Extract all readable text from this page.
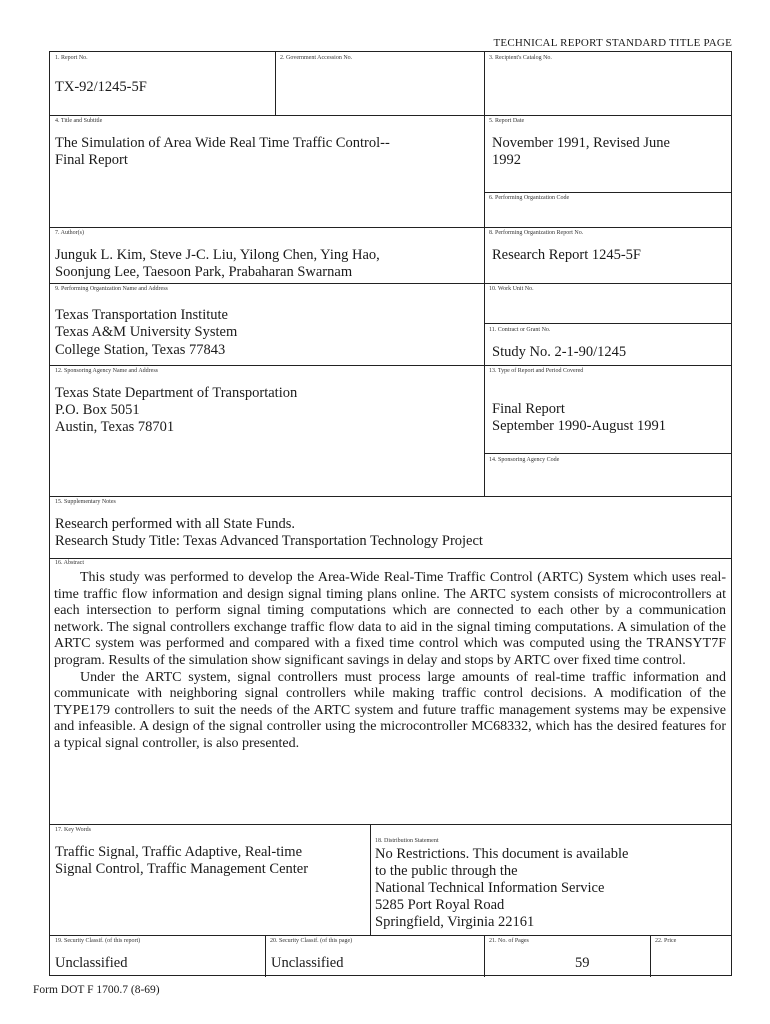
TECHNICAL REPORT STANDARD TITLE PAGE
1. Report No.
TX-92/1245-5F
2. Government Accession No.	3. Recipient's Catalog No.
4. Title and Subtitle
The Simulation of Area Wide Real Time Traffic Control--
Final Report
5. Report Date
November 1991, Revised June
1992
6. Performing Organization Code
7. Author(s)
Junguk L. Kim, Steve J-C. Liu, Yilong Chen, Ying Hao,
Soonjung Lee, Taesoon Park, Prabaharan Swarnam
8. Performing Organization Report No.
Research Report 1245-5F
9. Performing Organization Name and Address
Texas Transportation Institute
Texas A&M University System
College Station, Texas 77843
10. Work Unit No.
11. Contract or Grant No.
Study No. 2-1-90/1245
12. Sponsoring Agency Name and Address
Texas State Department of Transportation
P.O. Box 5051
Austin, Texas 78701
13. Type of Report and Period Covered
Final Report
September 1990-August 1991
14. Sponsoring Agency Code
15. Supplementary Notes
Research performed with all State Funds.
Research Study Title: Texas Advanced Transportation Technology Project
16. Abstract

This study was performed to develop the Area-Wide Real-Time Traffic Control (ARTC) System which uses real-time traffic flow information and design signal timing plans online. The ARTC system consists of microcontrollers at each intersection to perform signal timing computations which are connected to each other by a communication network. The signal controllers exchange traffic flow data to aid in the signal timing computations. A simulation of the ARTC system was performed and compared with a fixed time control which was computed using the TRANSYT7F program. Results of the simulation show significant savings in delay and stops by ARTC over fixed time control.

Under the ARTC system, signal controllers must process large amounts of real-time traffic information and communicate with neighboring signal controllers while making traffic control decisions. A modification of the TYPE179 controllers to suit the needs of the ARTC system and future traffic management systems may be expensive and infeasible. A design of the signal controller using the microcontroller MC68332, which has the desired features for a typical signal controller, is also presented.

17. Key Words
Traffic Signal, Traffic Adaptive, Real-time
Signal Control, Traffic Management Center
18. Distribution Statement
No Restrictions. This document is available
to the public through the
National Technical Information Service
5285 Port Royal Road
Springfield, Virginia 22161
19. Security Classif. (of this report)
Unclassified
20. Security Classif. (of this page)
Unclassified
21. No. of Pages
59
22. Price
Form DOT F 1700.7 (8-69)
